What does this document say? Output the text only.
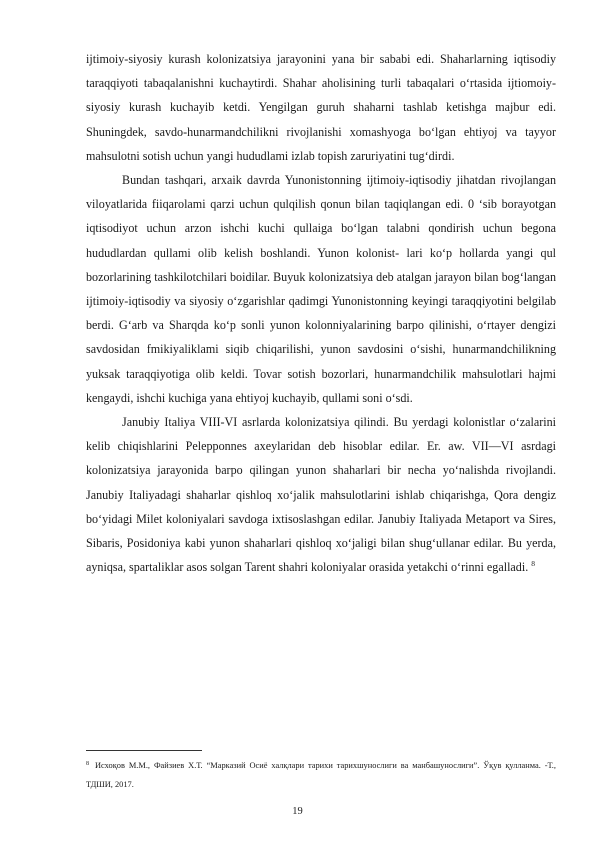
ijtimoiy-siyosiy kurash kolonizatsiya jarayonini yana bir sababi edi. Shaharlarning iqtisodiy taraqqiyoti tabaqalanishni kuchaytirdi. Shahar aholisining turli tabaqalari o‘rtasida ijtiomoiy-siyosiy kurash kuchayib ketdi. Yengilgan guruh shaharni tashlab ketishga majbur edi. Shuningdek, savdo-hunarmandchilikni rivojlanishi xomashyoga bo‘lgan ehtiyoj va tayyor mahsulotni sotish uchun yangi hududlami izlab topish zaruriyatini tug‘dirdi.

Bundan tashqari, arxaik davrda Yunonistonning ijtimoiy-iqtisodiy jihatdan rivojlangan viloyatlarida fiiqarolami qarzi uchun qulqilish qonun bilan taqiqlangan edi. 0 ‘sib borayotgan iqtisodiyot uchun arzon ishchi kuchi qullaiga bo‘lgan talabni qondirish uchun begona hududlardan qullami olib kelish boshlandi. Yunon kolonist- lari ko‘p hollarda yangi qul bozorlarining tashkilotchilari boidilar. Buyuk kolonizatsiya deb atalgan jarayon bilan bog‘langan ijtimoiy-iqtisodiy va siyosiy o‘zgarishlar qadimgi Yunonistonning keyingi taraqqiyotini belgilab berdi. G‘arb va Sharqda ko‘p sonli yunon kolonniyalarining barpo qilinishi, o‘rtayer dengizi savdosidan fmikiyaliklami siqib chiqarilishi, yunon savdosini o‘sishi, hunarmandchilikning yuksak taraqqiyotiga olib keldi. Tovar sotish bozorlari, hunarmandchilik mahsulotlari hajmi kengaydi, ishchi kuchiga yana ehtiyoj kuchayib, qullami soni o‘sdi.

Janubiy Italiya VIII-VI asrlarda kolonizatsiya qilindi. Bu yerdagi kolonistlar o‘zalarini kelib chiqishlarini Pelepponnes axeylaridan deb hisoblar edilar. Er. aw. VII—VI asrdagi kolonizatsiya jarayonida barpo qilingan yunon shaharlari bir necha yo‘nalishda rivojlandi. Janubiy Italiyadagi shaharlar qishloq xo‘jalik mahsulotlarini ishlab chiqarishga, Qora dengiz bo‘yidagi Milet koloniyalari savdoga ixtisoslashgan edilar. Janubiy Italiyada Metaport va Sires, Sibaris, Posidoniya kabi yunon shaharlari qishloq xo‘jaligi bilan shug‘ullanar edilar. Bu yerda, ayniqsa, spartaliklar asos solgan Tarent shahri koloniyalar orasida yetakchi o‘rinni egalladi. $^8$

$^8$ Исхоқов М.М., Файзиев Х.Т. “Марказий Осиё халқлари тарихи тарихшунослиги ва манбашунослиги”. Ўқув қулланма. -Т., ТДШИ, 2017.

19
